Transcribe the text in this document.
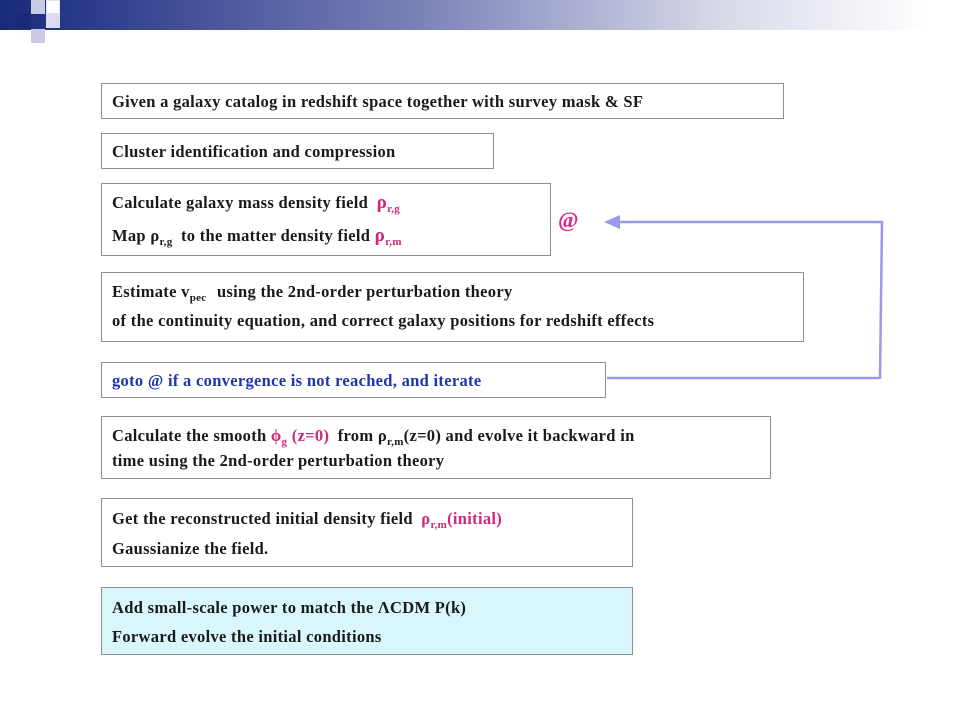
Given a galaxy catalog in redshift space together with survey mask & SF
Cluster identification and compression
Calculate galaxy mass density field $\rho_{r,g}$
Map $\rho_{r,g}$ to the matter density field $\rho_{r,m}$
@
Estimate $v_{pec}$ using the 2nd-order perturbation theory
of the continuity equation, and correct galaxy positions for redshift effects
goto @ if a convergence is not reached, and iterate
Calculate the smooth $\phi_g$ (z=0) from $\rho_{r,m}(z=0)$ and evolve it backward in
time using the 2nd-order perturbation theory
Get the reconstructed initial density field $\rho_{r,m}(initial)$
Gaussianize the field.
Add small-scale power to match the ΛCDM P(k)
Forward evolve the initial conditions
